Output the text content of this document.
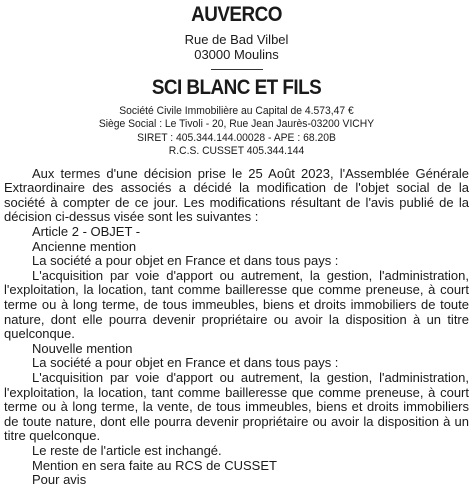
AUVERCO
Rue de Bad Vilbel
03000 Moulins
SCI BLANC ET FILS
Société Civile Immobilière au Capital de 4.573,47 €
Siège Social : Le Tivoli - 20, Rue Jean Jaurès-03200 VICHY
SIRET : 405.344.144.00028 - APE : 68.20B
R.C.S. CUSSET 405.344.144

Aux termes d'une décision prise le 25 Août 2023, l'Assemblée Générale Extraordinaire des associés a décidé la modification de l'objet social de la société à compter de ce jour. Les modifications résultant de l'avis publié de la décision ci-dessus visée sont les suivantes :

Article 2 - OBJET -

Ancienne mention

La société a pour objet en France et dans tous pays :

L'acquisition par voie d'apport ou autrement, la gestion, l'administration, l'exploitation, la location, tant comme bailleresse que comme preneuse, à court terme ou à long terme, de tous immeubles, biens et droits immobiliers de toute nature, dont elle pourra devenir propriétaire ou avoir la disposition à un titre quelconque.

Nouvelle mention

La société a pour objet en France et dans tous pays :

L'acquisition par voie d'apport ou autrement, la gestion, l'administration, l'exploitation, la location, tant comme bailleresse que comme preneuse, à court terme ou à long terme, la vente, de tous immeubles, biens et droits immobiliers de toute nature, dont elle pourra devenir propriétaire ou avoir la disposition à un titre quelconque.

Le reste de l'article est inchangé.

Mention en sera faite au RCS de CUSSET

Pour avis
